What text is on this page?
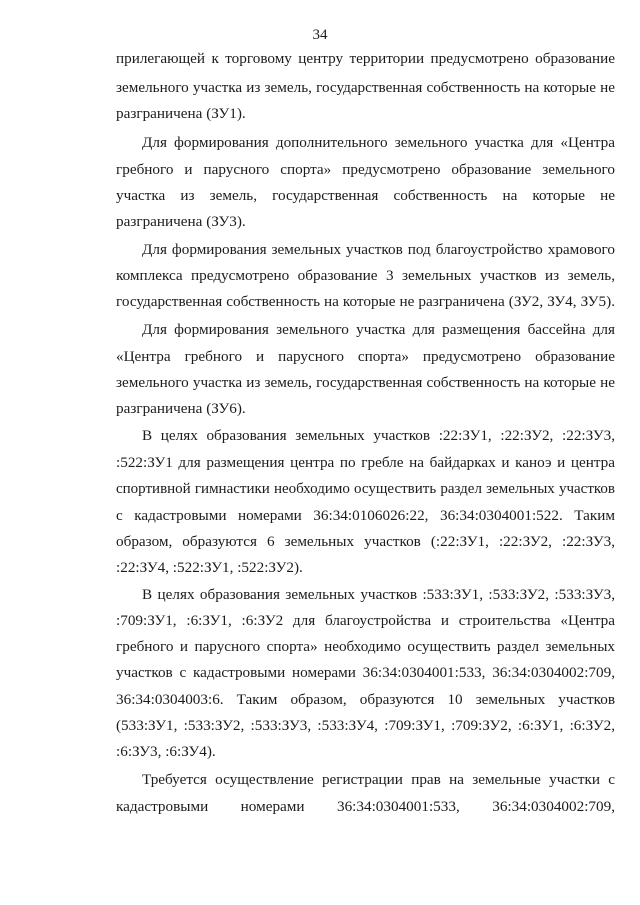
34
прилегающей к торговому центру территории предусмотрено образование
земельного участка из земель, государственная собственность на которые не
разграничена (ЗУ1).
Для формирования дополнительного земельного участка для «Центра
гребного и парусного спорта» предусмотрено образование земельного
участка из земель, государственная собственность на которые не
разграничена (ЗУ3).
Для формирования земельных участков под благоустройство храмового
комплекса предусмотрено образование 3 земельных участков из земель,
государственная собственность на которые не разграничена (ЗУ2, ЗУ4, ЗУ5).
Для формирования земельного участка для размещения бассейна для
«Центра гребного и парусного спорта» предусмотрено образование
земельного участка из земель, государственная собственность на которые не
разграничена (ЗУ6).
В целях образования земельных участков :22:ЗУ1, :22:ЗУ2, :22:ЗУ3,
:522:ЗУ1 для размещения центра по гребле на байдарках и каноэ и центра
спортивной гимнастики необходимо осуществить раздел земельных участков
с кадастровыми номерами 36:34:0106026:22, 36:34:0304001:522. Таким
образом, образуются 6 земельных участков (:22:ЗУ1, :22:ЗУ2, :22:ЗУ3,
:22:ЗУ4, :522:ЗУ1, :522:ЗУ2).
В целях образования земельных участков :533:ЗУ1, :533:ЗУ2, :533:ЗУ3,
:709:ЗУ1, :6:ЗУ1, :6:ЗУ2 для благоустройства и строительства «Центра
гребного и парусного спорта» необходимо осуществить раздел земельных
участков с кадастровыми номерами 36:34:0304001:533, 36:34:0304002:709,
36:34:0304003:6. Таким образом, образуются 10 земельных участков
(533:ЗУ1, :533:ЗУ2, :533:ЗУ3, :533:ЗУ4, :709:ЗУ1, :709:ЗУ2, :6:ЗУ1, :6:ЗУ2,
:6:ЗУ3, :6:ЗУ4).
Требуется осуществление регистрации прав на земельные участки с
кадастровыми номерами 36:34:0304001:533, 36:34:0304002:709,
